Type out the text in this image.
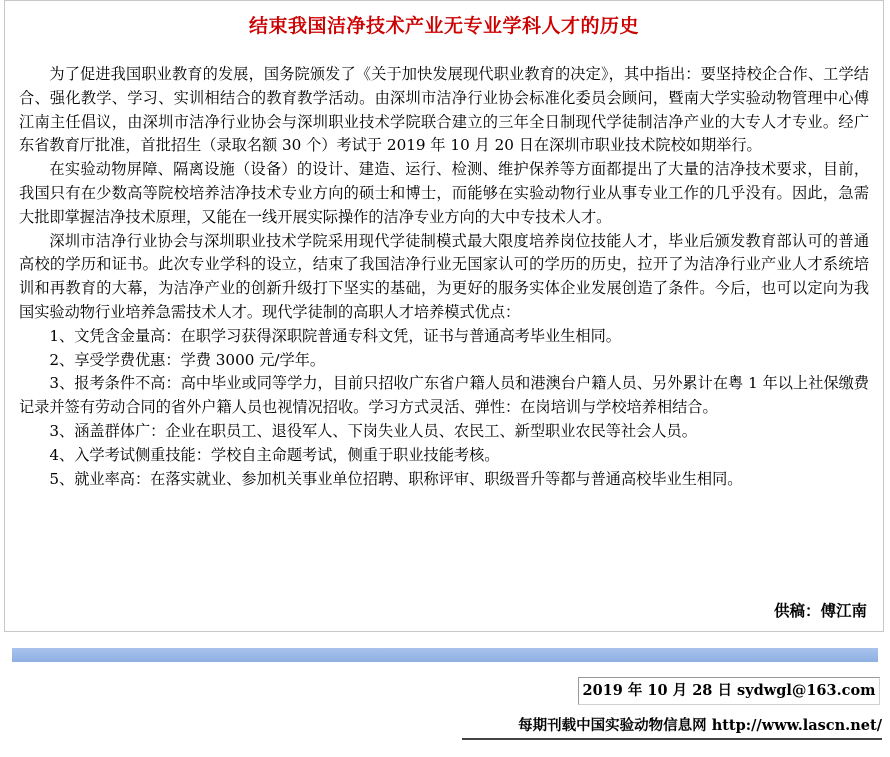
结束我国洁净技术产业无专业学科人才的历史

为了促进我国职业教育的发展，国务院颁发了《关于加快发展现代职业教育的决定》，其中指出：要坚持校企合作、工学结合、强化教学、学习、实训相结合的教育教学活动。由深圳市洁净行业协会标准化委员会顾问，暨南大学实验动物管理中心傅江南主任倡议，由深圳市洁净行业协会与深圳职业技术学院联合建立的三年全日制现代学徒制洁净产业的大专人才专业。经广东省教育厅批准，首批招生（录取名额 30 个）考试于 2019 年 10 月 20 日在深圳市职业技术院校如期举行。

在实验动物屏障、隔离设施（设备）的设计、建造、运行、检测、维护保养等方面都提出了大量的洁净技术要求，目前，我国只有在少数高等院校培养洁净技术专业方向的硕士和博士，而能够在实验动物行业从事专业工作的几乎没有。因此，急需大批即掌握洁净技术原理，又能在一线开展实际操作的洁净专业方向的大中专技术人才。

深圳市洁净行业协会与深圳职业技术学院采用现代学徒制模式最大限度培养岗位技能人才，毕业后颁发教育部认可的普通高校的学历和证书。此次专业学科的设立，结束了我国洁净行业无国家认可的学历的历史，拉开了为洁净行业产业人才系统培训和再教育的大幕，为洁净产业的创新升级打下坚实的基础，为更好的服务实体企业发展创造了条件。今后，也可以定向为我国实验动物行业培养急需技术人才。现代学徒制的高职人才培养模式优点：

1、文凭含金量高：在职学习获得深职院普通专科文凭，证书与普通高考毕业生相同。

2、享受学费优惠：学费 3000 元/学年。

3、报考条件不高：高中毕业或同等学力，目前只招收广东省户籍人员和港澳台户籍人员、另外累计在粤 1 年以上社保缴费记录并签有劳动合同的省外户籍人员也视情况招收。学习方式灵活、弹性：在岗培训与学校培养相结合。

3、涵盖群体广：企业在职员工、退役军人、下岗失业人员、农民工、新型职业农民等社会人员。

4、入学考试侧重技能：学校自主命题考试，侧重于职业技能考核。

5、就业率高：在落实就业、参加机关事业单位招聘、职称评审、职级晋升等都与普通高校毕业生相同。

供稿：傅江南
2019 年 10 月 28 日 sydwgl@163.com
每期刊载中国实验动物信息网 http://www.lascn.net/
